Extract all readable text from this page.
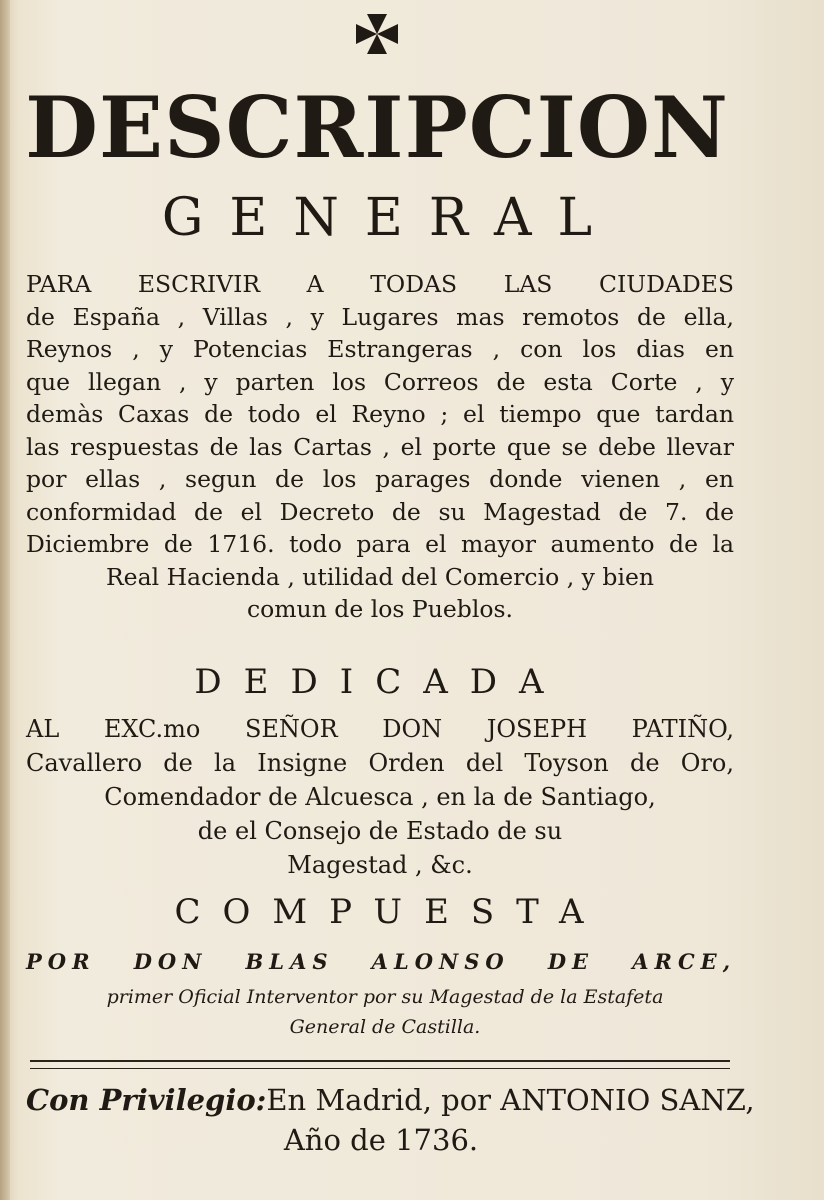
DESCRIPCION
GENERAL
PARA ESCRIVIR A TODAS LAS CIUDADES
de España , Villas , y Lugares mas remotos de ella,
Reynos , y Potencias Estrangeras , con los dias en
que llegan , y parten los Correos de esta Corte , y
demàs Caxas de todo el Reyno ; el tiempo que tardan
las respuestas de las Cartas , el porte que se debe llevar
por ellas , segun de los parages donde vienen , en
conformidad de el Decreto de su Magestad de 7. de
Diciembre de 1716. todo para el mayor aumento de la
Real Hacienda , utilidad del Comercio , y bien
comun de los Pueblos.
DEDICADA
AL EXC.mo SEÑOR DON JOSEPH PATIÑO,
Cavallero de la Insigne Orden del Toyson de Oro,
Comendador de Alcuesca , en la de Santiago,
de el Consejo de Estado de su
Magestad , &c.
COMPUESTA
POR DON BLAS ALONSO DE ARCE,
primer Oficial Interventor por su Magestad de la Estafeta
General de Castilla.
Con Privilegio:En Madrid, por ANTONIO SANZ,
Año de 1736.
